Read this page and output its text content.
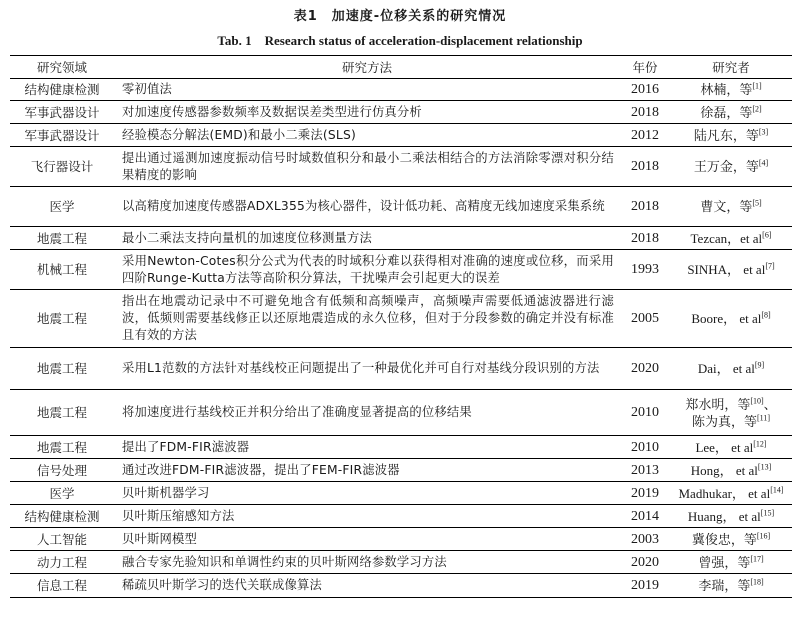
表1　加速度-位移关系的研究情况
Tab. 1　Research status of acceleration-displacement relationship
研究领域	研究方法	年份	研究者
结构健康检测	零初值法	2016	林楠，等[1]

军事武器设计	对加速度传感器参数频率及数据误差类型进行仿真分析	2018	徐磊，等[2]

军事武器设计	经验模态分解法(EMD)和最小二乘法(SLS)	2012	陆凡东，等[3]

飞行器设计	提出通过遥测加速度振动信号时域数值积分和最小二乘法相结合的方法消除零漂对积分结果精度的影响	2018	王万金，等[4]

医学	以高精度加速度传感器ADXL355为核心器件，设计低功耗、高精度无线加速度采集系统	2018	曹文，等[5]

地震工程	最小二乘法支持向量机的加速度位移测量方法	2018	Tezcan，et al[6]

机械工程	采用Newton-Cotes积分公式为代表的时域积分难以获得相对准确的速度或位移，而采用四阶Runge-Kutta方法等高阶积分算法，干扰噪声会引起更大的误差	1993	SINHA， et al[7]

地震工程	指出在地震动记录中不可避免地含有低频和高频噪声，高频噪声需要低通滤波器进行滤波，低频则需要基线修正以还原地震造成的永久位移，但对于分段参数的确定并没有标准且有效的方法	2005	Boore， et al[8]

地震工程	采用L1范数的方法针对基线校正问题提出了一种最优化并可自行对基线分段识别的方法	2020	Dai， et al[9]

地震工程	将加速度进行基线校正并积分给出了准确度显著提高的位移结果	2010	郑水明，等[10]、
陈为真，等[11]

地震工程	提出了FDM-FIR滤波器	2010	Lee， et al[12]

信号处理	通过改进FDM-FIR滤波器，提出了FEM-FIR滤波器	2013	Hong， et al[13]

医学	贝叶斯机器学习	2019	Madhukar， et al[14]

结构健康检测	贝叶斯压缩感知方法	2014	Huang， et al[15]

人工智能	贝叶斯网模型	2003	冀俊忠，等[16]

动力工程	融合专家先验知识和单调性约束的贝叶斯网络参数学习方法	2020	曾强，等[17]

信息工程	稀疏贝叶斯学习的迭代关联成像算法	2019	李瑞，等[18]
